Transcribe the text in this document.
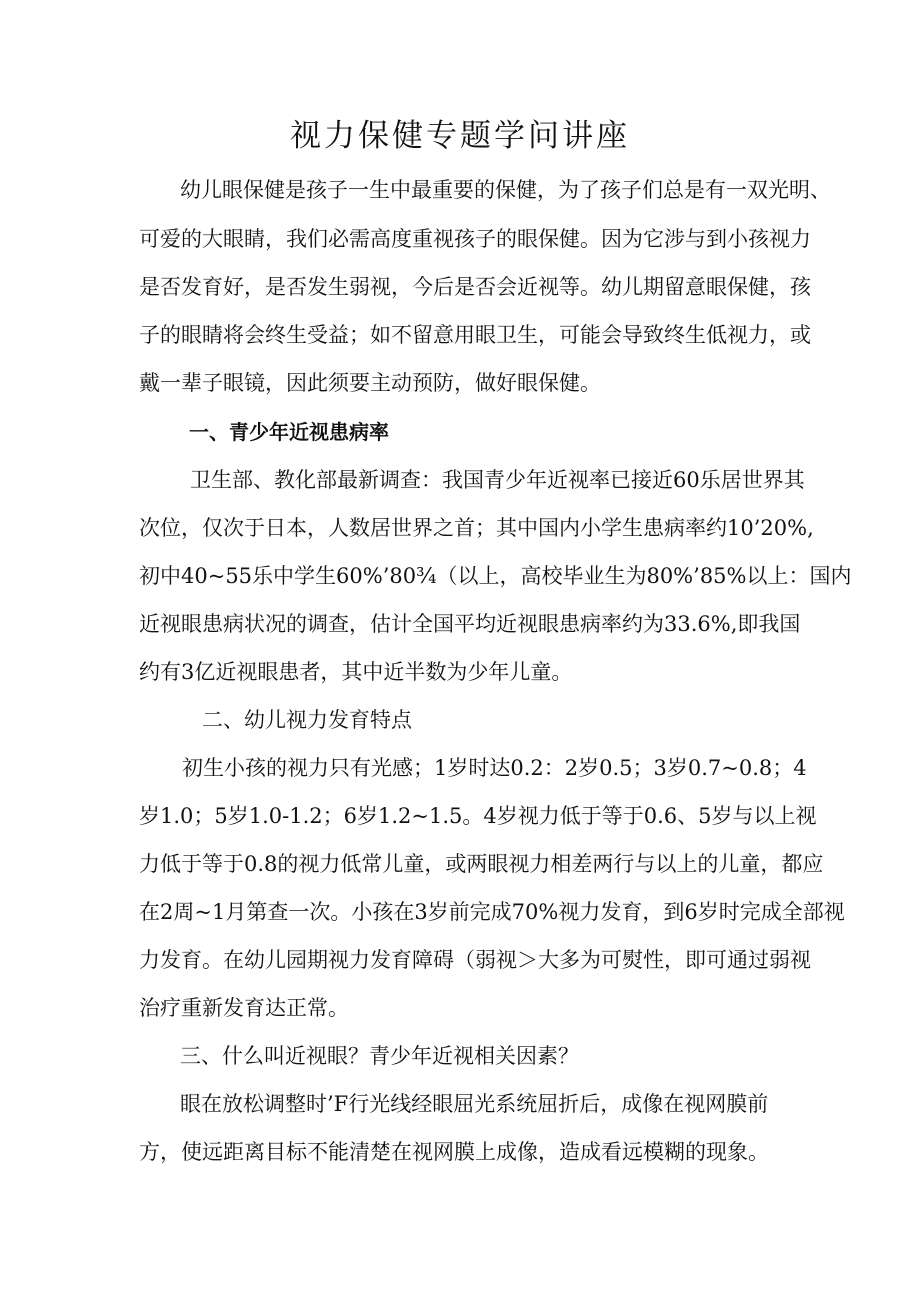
视力保健专题学问讲座
幼儿眼保健是孩子一生中最重要的保健，为了孩子们总是有一双光明、
可爱的大眼睛，我们必需高度重视孩子的眼保健。因为它涉与到小孩视力
是否发育好，是否发生弱视，今后是否会近视等。幼儿期留意眼保健，孩
子的眼睛将会终生受益；如不留意用眼卫生，可能会导致终生低视力，或
戴一辈子眼镜，因此须要主动预防，做好眼保健。
一、青少年近视患病率
卫生部、教化部最新调查：我国青少年近视率已接近60乐居世界其
次位，仅次于日本，人数居世界之首；其中国内小学生患病率约10’20%,
初中40~55乐中学生60%’80¾（以上，高校毕业生为80%’85%以上：国内
近视眼患病状况的调查，估计全国平均近视眼患病率约为33.6%,即我国
约有3亿近视眼患者，其中近半数为少年儿童。
二、幼儿视力发育特点
初生小孩的视力只有光感；1岁时达0.2：2岁0.5；3岁0.7~0.8；4
岁1.0；5岁1.0-1.2；6岁1.2~1.5。4岁视力低于等于0.6、5岁与以上视
力低于等于0.8的视力低常儿童，或两眼视力相差两行与以上的儿童，都应
在2周~1月第查一次。小孩在3岁前完成70%视力发育，到6岁时完成全部视
力发育。在幼儿园期视力发育障碍（弱视＞大多为可熨性，即可通过弱视
治疗重新发育达正常。
三、什么叫近视眼？青少年近视相关因素？
眼在放松调整时’F行光线经眼屈光系统屈折后，成像在视网膜前
方，使远距离目标不能清楚在视网膜上成像，造成看远模糊的现象。
